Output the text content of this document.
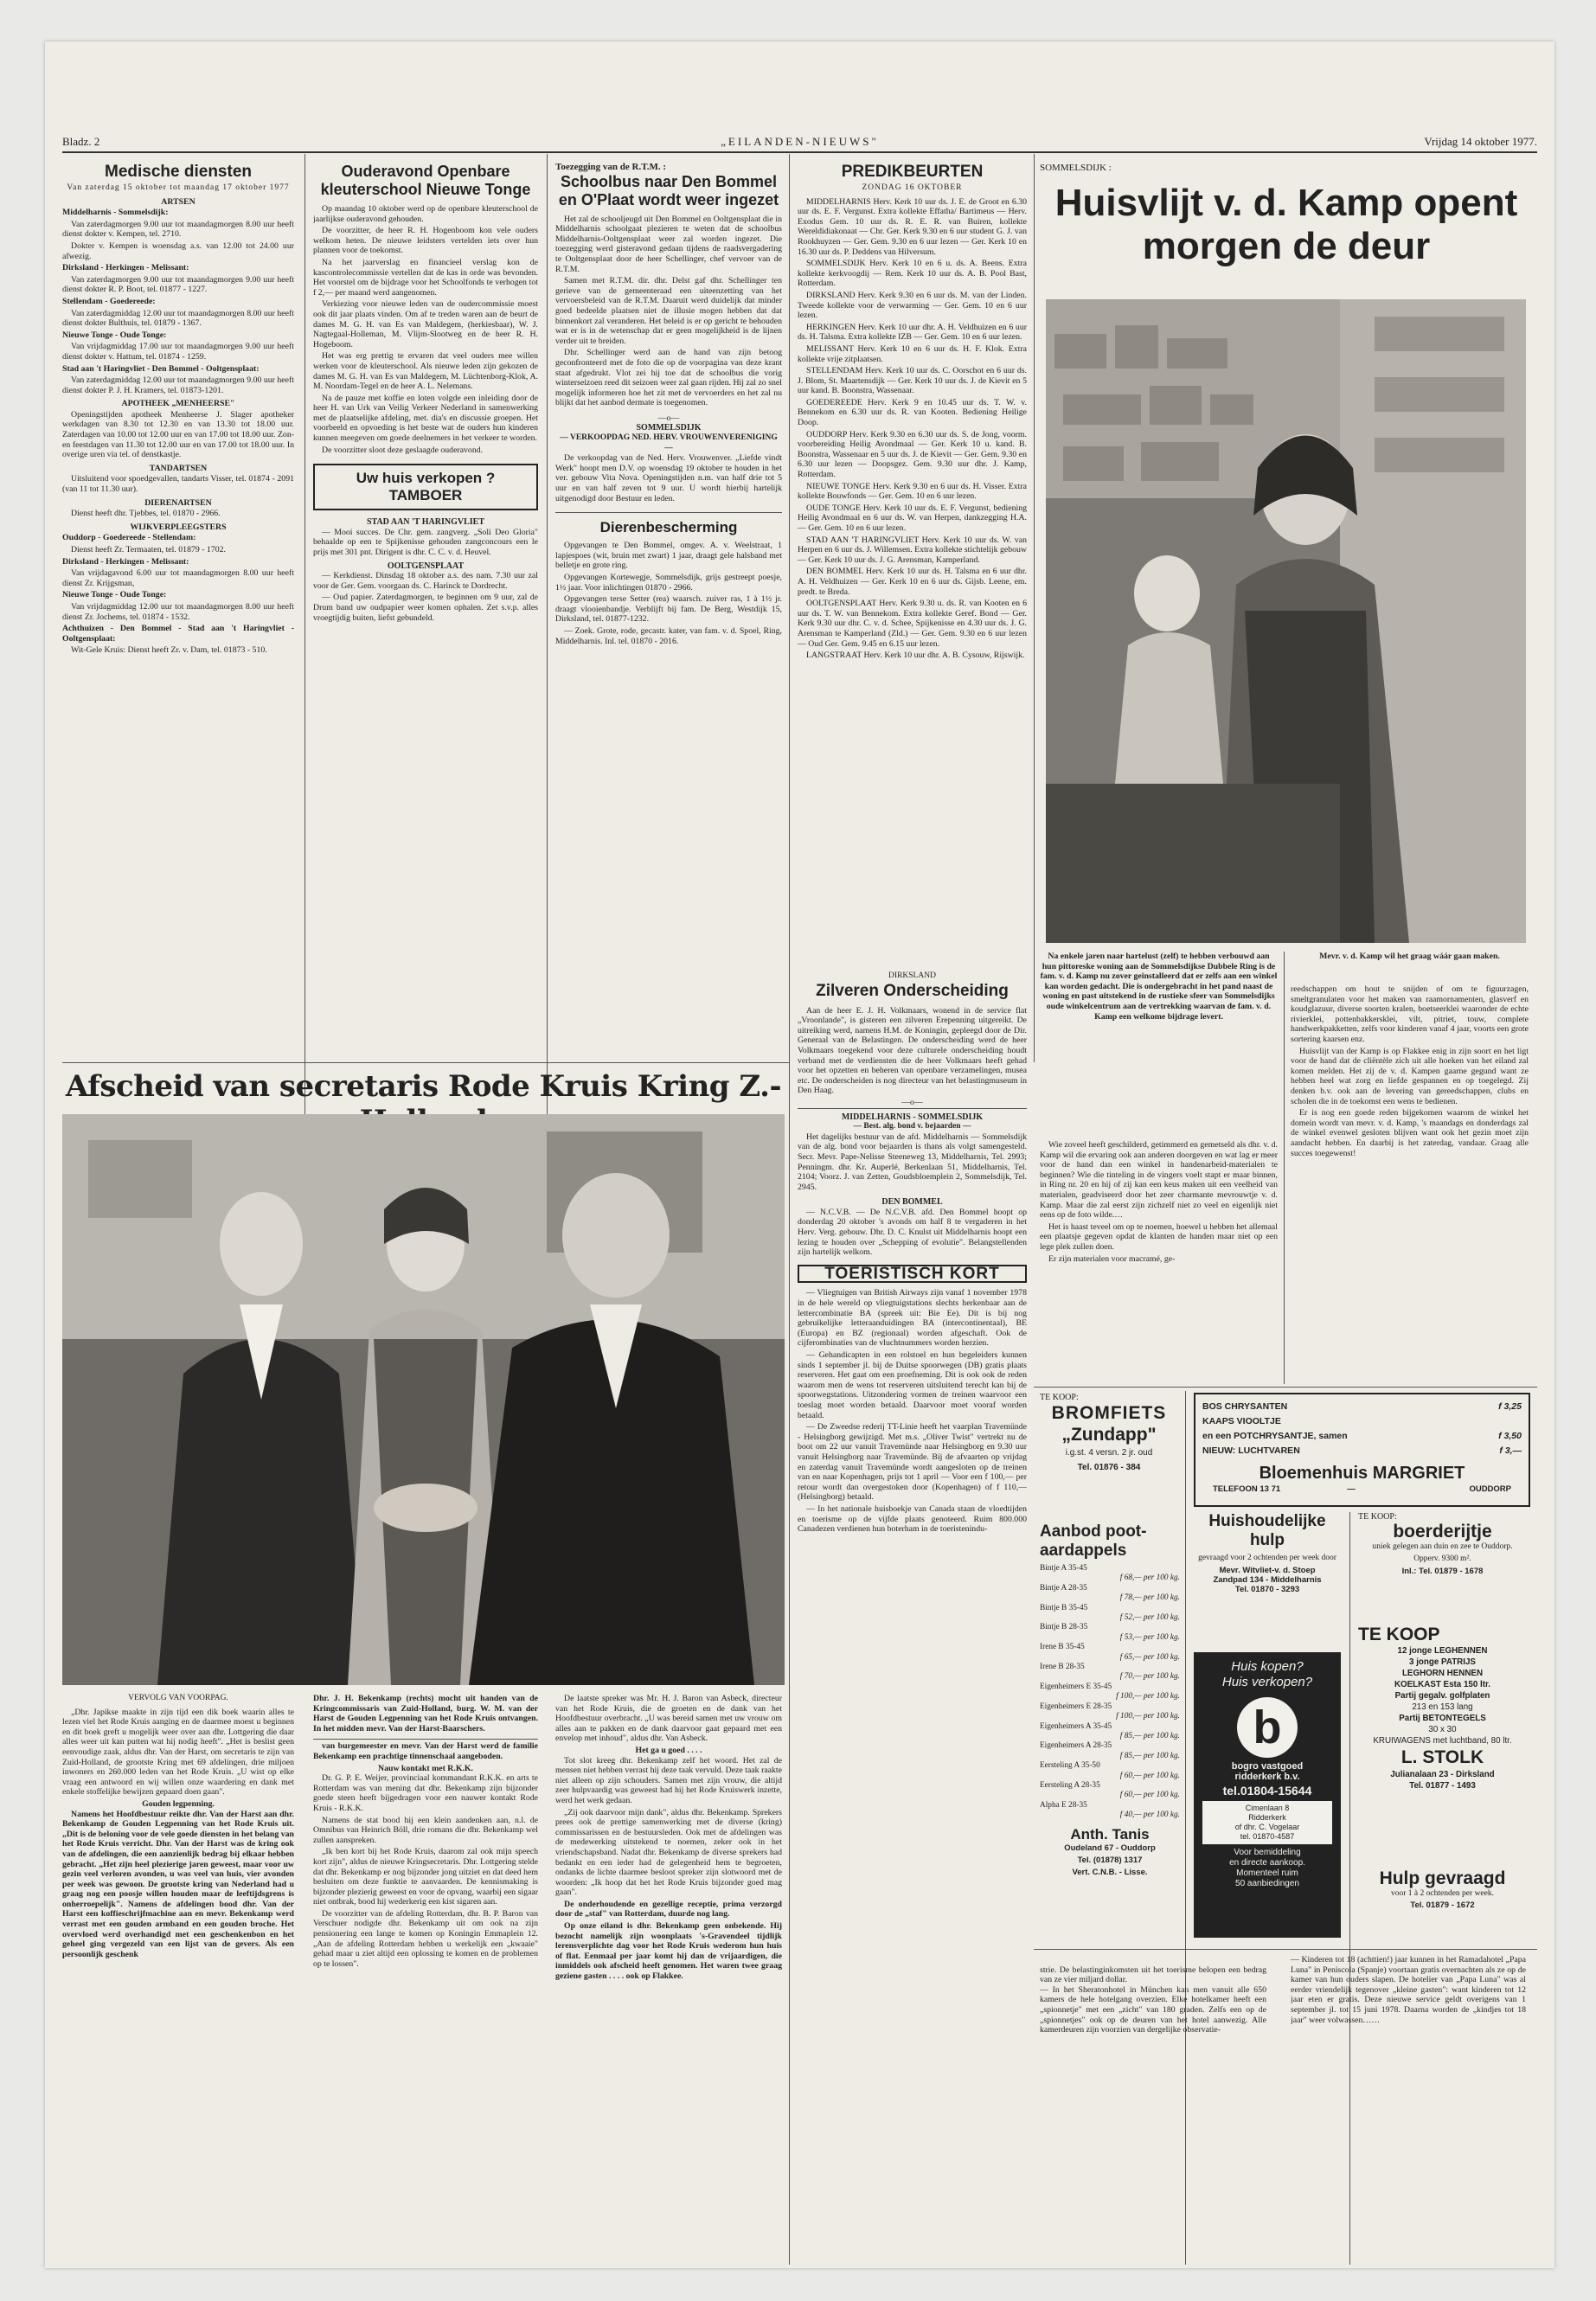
Bladz. 2	„EILANDEN-NIEUWS"	Vrijdag 14 oktober 1977.
Medische diensten
Van zaterdag 15 oktober tot maandag 17 oktober 1977
ARTSEN

Middelharnis - Sommelsdijk:

Van zaterdagmorgen 9.00 uur tot maandagmorgen 8.00 uur heeft dienst dokter v. Kempen, tel. 2710.

Dokter v. Kempen is woensdag a.s. van 12.00 tot 24.00 uur afwezig.

Dirksland - Herkingen - Melissant:

Van zaterdagmorgen 9.00 uur tot maandagmorgen 9.00 uur heeft dienst dokter R. P. Boot, tel. 01877 - 1227.

Stellendam - Goedereede:

Van zaterdagmiddag 12.00 uur tot maandagmorgen 8.00 uur heeft dienst dokter Bulthuis, tel. 01879 - 1367.

Nieuwe Tonge - Oude Tonge:

Van vrijdagmiddag 17.00 uur tot maandagmorgen 9.00 uur heeft dienst dokter v. Hattum, tel. 01874 - 1259.

Stad aan 't Haringvliet - Den Bommel - Ooltgensplaat:

Van zaterdagmiddag 12.00 uur tot maandagmorgen 9.00 uur heeft dienst dokter P. J. H. Kramers, tel. 01873-1201.

APOTHEEK „MENHEERSE"

Openingstijden apotheek Menheerse J. Slager apotheker werkdagen van 8.30 tot 12.30 en van 13.30 tot 18.00 uur. Zaterdagen van 10.00 tot 12.00 uur en van 17.00 tot 18.00 uur. Zon- en feestdagen van 11.30 tot 12.00 uur en van 17.00 tot 18.00 uur. In overige uren via tel. of denstkastje.

TANDARTSEN

Uitsluitend voor spoedgevallen, tandarts Visser, tel. 01874 - 2091 (van 11 tot 11.30 uur).

DIERENARTSEN

Dienst heeft dhr. Tjebbes, tel. 01870 - 2966.

WIJKVERPLEEGSTERS

Ouddorp - Goedereede - Stellendam:

Dienst heeft Zr. Termaaten, tel. 01879 - 1702.

Dirksland - Herkingen - Melissant:

Van vrijdagavond 6.00 uur tot maandagmorgen 8.00 uur heeft dienst Zr. Krijgsman,

Nieuwe Tonge - Oude Tonge:

Van vrijdagmiddag 12.00 uur tot maandagmorgen 8.00 uur heeft dienst Zr. Jochems, tel. 01874 - 1532.

Achthuizen - Den Bommel - Stad aan 't Haringvliet - Ooltgensplaat:

Wit-Gele Kruis: Dienst heeft Zr. v. Dam, tel. 01873 - 510.

Ouderavond Openbare kleuterschool Nieuwe Tonge

Op maandag 10 oktober werd op de openbare kleuterschool de jaarlijkse ouderavond gehouden.

De voorzitter, de heer R. H. Hogenboom kon vele ouders welkom heten. De nieuwe leidsters vertelden iets over hun plannen voor de toekomst.

Na het jaarverslag en financieel verslag kon de kascontrolecommissie vertellen dat de kas in orde was bevonden. Het voorstel om de bijdrage voor het Schoolfonds te verhogen tot f 2,— per maand werd aangenomen.

Verkiezing voor nieuwe leden van de oudercommissie moest ook dit jaar plaats vinden. Om af te treden waren aan de beurt de dames M. G. H. van Es van Maldegem, (herkiesbaar), W. J. Nagtegaal-Holleman, M. Vlijm-Slootweg en de heer R. H. Hogeboom.

Het was erg prettig te ervaren dat veel ouders mee willen werken voor de kleuterschool. Als nieuwe leden zijn gekozen de dames M. G. H. van Es van Maldegem, M. Lüchtenborg-Klok, A. M. Noordam-Tegel en de heer A. L. Nelemans.

Na de pauze met koffie en loten volgde een inleiding door de heer H. van Urk van Veilig Verkeer Nederland in samenwerking met de plaatselijke afdeling, met. dia's en discussie groepen. Het voorbeeld en opvoeding is het beste wat de ouders hun kinderen kunnen meegeven om goede deelnemers in het verkeer te worden.

De voorzitter sloot deze geslaagde ouderavond.

Uw huis verkopen ?
TAMBOER
STAD AAN 'T HARINGVLIET

— Mooi succes. De Chr. gem. zangverg. „Soli Deo Gloria" behaalde op een te Spijkenisse gehouden zangconcours een le prijs met 301 pnt. Dirigent is dhr. C. C. v. d. Heuvel.

OOLTGENSPLAAT

— Kerkdienst. Dinsdag 18 oktober a.s. des nam. 7.30 uur zal voor de Ger. Gem. voorgaan ds. C. Harinck te Dordrecht.

— Oud papier. Zaterdagmorgen, te beginnen om 9 uur, zal de Drum band uw oudpapier weer komen ophalen. Zet s.v.p. alles vroegtijdig buiten, liefst gebundeld.

Toezegging van de R.T.M. :
Schoolbus naar Den Bommel en O'Plaat wordt weer ingezet

Het zal de schooljeugd uit Den Bommel en Ooltgensplaat die in Middelharnis schoolgaat plezieren te weten dat de schoolbus Middelharnis-Ooltgensplaat weer zal worden ingezet. Die toezegging werd gisteravond gedaan tijdens de raadsvergadering te Ooltgensplaat door de heer Schellinger, chef vervoer van de R.T.M.

Samen met R.T.M. dir. dhr. Delst gaf dhr. Schellinger ten gerieve van de gemeenteraad een uiteenzetting van het vervoersbeleid van de R.T.M. Daaruit werd duidelijk dat minder goed bedeelde plaatsen niet de illusie mogen hebben dat dat binnenkort zal veranderen. Het beleid is er op gericht te behouden wat er is in de wetenschap dat er geen mogelijkheid is de lijnen verder uit te breiden.

Dhr. Schellinger werd aan de hand van zijn betoog geconfronteerd met de foto die op de voorpagina van deze krant staat afgedrukt. Vlot zei hij toe dat de schoolbus die vorig winterseizoen reed dit seizoen weer zal gaan rijden. Hij zal zo snel mogelijk informeren hoe het zit met de vervoerders en het zal nu blijkt dat het aanbod dermate is toegenomen.

—o—
SOMMELSDIJK
— VERKOOPDAG NED. HERV. VROUWENVERENIGING —

De verkoopdag van de Ned. Herv. Vrouwenver. „Liefde vindt Werk" hoopt men D.V. op woensdag 19 oktober te houden in het ver. gebouw Vita Nova. Openingstijden n.m. van half drie tot 5 uur en van half zeven tot 9 uur. U wordt hierbij hartelijk uitgenodigd door Bestuur en leden.

Dierenbescherming

Opgevangen te Den Bommel, omgev. A. v. Weelstraat, 1 lapjespoes (wit, bruin met zwart) 1 jaar, draagt gele halsband met belletje en grote ring.

Opgevangen Kortewegje, Sommelsdijk, grijs gestreept poesje, 1½ jaar. Voor inlichtingen 01870 - 2966.

Opgevangen terse Setter (rea) waarsch. zuiver ras, 1 à 1½ jr. draagt vlooienbandje. Verblijft bij fam. De Berg, Westdijk 15, Dirksland, tel. 01877-1232.

— Zoek. Grote, rode, gecastr. kater, van fam. v. d. Spoel, Ring, Middelharnis. Inl. tel. 01870 - 2016.

PREDIKBEURTEN
ZONDAG 16 OKTOBER

MIDDELHARNIS Herv. Kerk 10 uur ds. J. E. de Groot en 6.30 uur ds. E. F. Vergunst. Extra kollekte Effatha/ Bartimeus — Herv. Exodus Gem. 10 uur ds. R. E. R. van Buiren, kollekte Wereldidiakonaat — Chr. Ger. Kerk 9.30 en 6 uur student G. J. van Rookhuyzen — Ger. Gem. 9.30 en 6 uur lezen — Ger. Kerk 10 en 16.30 uur ds. P. Deddens van Hilversum.

SOMMELSDIJK Herv. Kerk 10 en 6 u. ds. A. Beens. Extra kollekte kerkvoogdij — Rem. Kerk 10 uur ds. A. B. Pool Bast, Rotterdam.

DIRKSLAND Herv. Kerk 9.30 en 6 uur ds. M. van der Linden. Tweede kollekte voor de verwarming — Ger. Gem. 10 en 6 uur lezen.

HERKINGEN Herv. Kerk 10 uur dhr. A. H. Veldhuizen en 6 uur ds. H. Talsma. Extra kollekte IZB — Ger. Gem. 10 en 6 uur lezen.

MELISSANT Herv. Kerk 10 en 6 uur ds. H. F. Klok. Extra kollekte vrije zitplaatsen.

STELLENDAM Herv. Kerk 10 uur ds. C. Oorschot en 6 uur ds. J. Blom, St. Maartensdijk — Ger. Kerk 10 uur ds. J. de Kievit en 5 uur kand. B. Boonstra, Wassenaar.

GOEDEREEDE Herv. Kerk 9 en 10.45 uur ds. T. W. v. Bennekom en 6.30 uur ds. R. van Kooten. Bediening Heilige Doop.

OUDDORP Herv. Kerk 9.30 en 6.30 uur ds. S. de Jong, voorm. voorbereiding Heilig Avondmaal — Ger. Kerk 10 u. kand. B. Boonstra, Wassenaar en 5 uur ds. J. de Kievit — Ger. Gem. 9.30 en 6.30 uur lezen — Doopsgez. Gem. 9.30 uur dhr. J. Kamp, Rotterdam.

NIEUWE TONGE Herv. Kerk 9.30 en 6 uur ds. H. Visser. Extra kollekte Bouwfonds — Ger. Gem. 10 en 6 uur lezen.

OUDE TONGE Herv. Kerk 10 uur ds. E. F. Vergunst, bediening Heilig Avondmaal en 6 uur ds. W. van Herpen, dankzegging H.A. — Ger. Gem. 10 en 6 uur lezen.

STAD AAN 'T HARINGVLIET Herv. Kerk 10 uur ds. W. van Herpen en 6 uur ds. J. Willemsen. Extra kollekte stichtelijk gebouw — Ger. Kerk 10 uur ds. J. G. Arensman, Kamperland.

DEN BOMMEL Herv. Kerk 10 uur ds. H. Talsma en 6 uur dhr. A. H. Veldhuizen — Ger. Kerk 10 en 6 uur ds. Gijsb. Leene, em. predt. te Breda.

OOLTGENSPLAAT Herv. Kerk 9.30 u. ds. R. van Kooten en 6 uur ds. T. W. van Bennekom. Extra kollekte Geref. Bond — Ger. Kerk 9.30 uur dhr. C. v. d. Schee, Spijkenisse en 4.30 uur ds. J. G. Arensman te Kamperland (Zld.) — Ger. Gem. 9.30 en 6 uur lezen — Oud Ger. Gem. 9.45 en 6.15 uur lezen.

LANGSTRAAT Herv. Kerk 10 uur dhr. A. B. Cysouw, Rijswijk.

DIRKSLAND
Zilveren Onderscheiding

Aan de heer E. J. H. Volkmaars, wonend in de service flat „Vroonlande", is gisteren een zilveren Erepenning uitgereikt. De uitreiking werd, namens H.M. de Koningin, gepleegd door de Dir. Generaal van de Belastingen. De onderscheiding werd de heer Volkmaars toegekend voor deze culturele onderscheiding houdt verband met de verdiensten die de heer Volkmaars heeft gehad voor het opzetten en beheren van openbare verzamelingen, musea etc. De onderscheiden is nog directeur van het belastingmuseum in Den Haag.

—o—
MIDDELHARNIS - SOMMELSDIJK
— Best. alg. bond v. bejaarden —

Het dagelijks bestuur van de afd. Middelharnis — Sommelsdijk van de alg. bond voor bejaarden is thans als volgt samengesteld. Secr. Mevr. Pape-Nelisse Steeneweg 13, Middelharnis, Tel. 2993; Penningm. dhr. Kr. Auperlé, Berkenlaan 51, Middelharnis, Tel. 2104; Voorz. J. van Zetten, Goudsbloemplein 2, Sommelsdijk, Tel. 2945.

DEN BOMMEL

— N.C.V.B. — De N.C.V.B. afd. Den Bommel hoopt op donderdag 20 oktober 's avonds om half 8 te vergaderen in het Herv. Verg. gebouw. Dhr. D. C. Knulst uit Middelharnis hoopt een lezing te houden over „Schepping of evolutie". Belangstellenden zijn hartelijk welkom.

TOERISTISCH KORT

— Vliegtuigen van British Airways zijn vanaf 1 november 1978 in de hele wereld op vliegtuigstations slechts herkenbaar aan de lettercombinatie BA (spreek uit: Bie Ee). Dit is bij nog gebruikelijke letteraanduidingen BA (intercontinentaal), BE (Europa) en BZ (regionaal) worden afgeschaft. Ook de cijferombinaties van de vluchtnummers worden herzien.

— Gehandicapten in een rolstoel en hun begeleiders kunnen sinds 1 september jl. bij de Duitse spoorwegen (DB) gratis plaats reserveren. Het gaat om een proefneming. Dit is ook ook de reden waarom men de wens tot reserveren uitsluitend terecht kan bij de spoorwegstations. Uitzondering vormen de treinen waarvoor een toeslag moet worden betaald. Daarvoor moet vooraf worden betaald.

— De Zweedse rederij TT-Linie heeft het vaarplan Travemünde - Helsingborg gewijzigd. Met m.s. „Oliver Twist" vertrekt nu de boot om 22 uur vanuit Travemünde naar Helsingborg en 9.30 uur vanuit Helsingborg naar Travemünde. Bij de afvaarten op vrijdag en zaterdag vanuit Travemünde wordt aangesloten op de treinen van en naar Kopenhagen, prijs tot 1 april — Voor een f 100,— per retour wordt dan overgestoken door (Kopenhagen) of f 110,— (Helsingborg) betaald.

— In het nationale huisboekje van Canada staan de vloedtijden en toerisme op de vijfde plaats genoteerd. Ruim 800.000 Canadezen verdienen hun boterham in de toeristenindu-

Afscheid van secretaris Rode Kruis Kring Z.-
VERVOLG VAN VOORPAG.

„Dhr. Japikse maakte in zijn tijd een dik boek waarin alles te lezen viel het Rode Kruis aanging en de daarmee moest u beginnen en dit boek greft u mogelijk weer over aan dhr. Lottgering die daar alles weer uit kan putten wat hij nodig heeft". „Het is beslist geen eenvoudige zaak, aldus dhr. Van der Harst, om secretaris te zijn van Zuid-Holland, de grootste Kring met 69 afdelingen, drie miljoen inwoners en 260.000 leden van het Rode Kruis. „U wist op elke vraag een antwoord en wij willen onze waardering en dank met enkele stoffelijke bewijzen gepaard doen gaan".

Gouden legpenning.

Namens het Hoofdbestuur reikte dhr. Van der Harst aan dhr. Bekenkamp de Gouden Legpenning van het Rode Kruis uit. „Dit is de beloning voor de vele goede diensten in het belang van het Rode Kruis verricht. Dhr. Van der Harst was de kring ook van de afdelingen, die een aanzienlijk bedrag bij elkaar hebben gebracht. „Het zijn heel plezierige jaren geweest, maar voor uw gezin veel verloren avonden, u was veel van huis, vier avonden per week was gewoon. De grootste kring van Nederland had u graag nog een poosje willen houden maar de leeftijdsgrens is onherroepelijk". Namens de afdelingen bood dhr. Van der Harst een koffieschrijfmachine aan en mevr. Bekenkamp werd verrast met een gouden armband en een gouden broche. Het overvloed werd overhandigd met een geschenkenbon en het geheel ging vergezeld van een lijst van de gevers. Als een persoonlijk geschenk

Dhr. J. H. Bekenkamp (rechts) mocht uit handen van de Kringcommissaris van Zuid-Holland, burg. W. M. van der Harst de Gouden Legpenning van het Rode Kruis ontvangen. In het midden mevr. Van der Harst-Baarschers.

van burgemeester en mevr. Van der Harst werd de familie Bekenkamp een prachtige tinnenschaal aangeboden.

Nauw kontakt met R.K.K.

Dr. G. P. E. Weijer, provinciaal kommandant R.K.K. en arts te Rotterdam was van mening dat dhr. Bekenkamp zijn bijzonder goede steen heeft bijgedragen voor een nauwer kontakt Rode Kruis - R.K.K.

Namens de stat bood hij een klein aandenken aan, n.l. de Omnibus van Heinrich Böll, drie romans die dhr. Bekenkamp wel zullen aanspreken.

„Ik ben kort bij het Rode Kruis, daarom zal ook mijn speech kort zijn", aldus de nieuwe Kringsecretaris. Dhr. Lottgering stelde dat dhr. Bekenkamp er nog bijzonder jong uitziet en dat deed hem besluiten om deze funktie te aanvaarden. De kennismaking is bijzonder plezierig geweest en voor de opvang, waarbij een sigaar niet ontbrak, bood hij wederkerig een kist sigaren aan.

De voorzitter van de afdeling Rotterdam, dhr. B. P. Baron van Verschuer nodigde dhr. Bekenkamp uit om ook na zijn pensionering een lange te komen op Koningin Emmaplein 12. „Aan de afdeling Rotterdam hebben u werkelijk een „kwaaie" gehad maar u ziet altijd een oplossing te komen en de problemen op te lossen".

De laatste spreker was Mr. H. J. Baron van Asbeck, directeur van het Rode Kruis, die de groeten en de dank van het Hoofdbestuur overbracht. „U was bereid samen met uw vrouw om alles aan te pakken en de dank daarvoor gaat gepaard met een envelop met inhoud", aldus dhr. Van Asbeck.

Het ga u goed . . . .

Tot slot kreeg dhr. Bekenkamp zelf het woord. Het zal de mensen niet hebben verrast hij deze taak vervuld. Deze taak raakte niet alleen op zijn schouders. Samen met zijn vrouw, die altijd zeer hulpvaardig was geweest had hij het Rode Kruiswerk inzette, werd het werk gedaan.

„Zij ook daarvoor mijn dank", aldus dhr. Bekenkamp. Sprekers prees ook de prettige samenwerking met de diverse (kring) commissarissen en de bestuursleden. Ook met de afdelingen was de medewerking uitstekend te noemen, zeker ook in het vriendschapsband. Nadat dhr. Bekenkamp de diverse sprekers had bedankt en een ieder had de gelegenheid hem te begroeten, ondanks de lichte daarmee besloot spreker zijn slotwoord met de woorden: „Ik hoop dat het het Rode Kruis bijzonder goed mag gaan".

De onderhoudende en gezellige receptie, prima verzorgd door de „staf" van Rotterdam, duurde nog lang.

Op onze eiland is dhr. Bekenkamp geen onbekende. Hij bezocht namelijk zijn woonplaats 's-Gravendeel tijdlijk lerensverplichte dag voor het Rode Kruis wederom hun huis of flat. Eenmaal per jaar komt hij dan de vrijaardigen, die inmiddels ook afscheid heeft genomen. Het waren twee graag geziene gasten . . . . ook op Flakkee.

SOMMELSDIJK :
Huisvlijt v. d. Kamp opent morgen de deur

Na enkele jaren naar hartelust (zelf) te hebben verbouwd aan hun pittoreske woning aan de Sommelsdijkse Dubbele Ring is de fam. v. d. Kamp nu zover geinstalleerd dat er zelfs aan een winkel kan worden gedacht. Die is ondergebracht in het pand naast de woning en past uitstekend in de rustieke sfeer van Sommelsdijks oude winkelcentrum aan de vertrekking waarvan de fam. v. d. Kamp een welkome bijdrage levert.

Mevr. v. d. Kamp wil het graag wáár gaan maken.

Wie zoveel heeft geschilderd, getimmerd en gemetseld als dhr. v. d. Kamp wil die ervaring ook aan anderen doorgeven en wat lag er meer voor de hand dan een winkel in handenarbeid-materialen te beginnen? Wie die tinteling in de vingers voelt stapt er maar binnen, in Ring nr. 20 en hij of zij kan een keus maken uit een veelheid van materialen, geadviseerd door het zeer charmante mevrouwtje v. d. Kamp. Maar die zal eerst zijn zichzelf niet zo veel en eigenlijk niet eens op de foto wilde.…

Het is haast teveel om op te noemen, hoewel u hebben het allemaal een plaatsje gegeven opdat de klanten de handen maar niet op een lege plek zullen doen.

Er zijn materialen voor macramé, ge-

reedschappen om hout te snijden of om te figuurzagen, smeltgranulaten voor het maken van raamornamenten, glasverf en koudglazuur, diverse soorten kralen, boetseerklei waaronder de echte rivierklei, pottenbakkersklei, vilt, pitriet, touw, complete handwerkpakketten, zelfs voor kinderen vanaf 4 jaar, voorts een grote sortering kaarsen enz.

Huisvlijt van der Kamp is op Flakkee enig in zijn soort en het ligt voor de hand dat de cliëntèle zich uit alle hoeken van het eiland zal komen melden. Het zij de v. d. Kampen gaarne gegund want ze hebben heel wat zorg en liefde gespannen en op toegelegd. Zij denken b.v. ook aan de levering van gereedschappen, clubs en scholen die in de toekomst een wens te bedienen.

Er is nog een goede reden bijgekomen waarom de winkel het domein wordt van mevr. v. d. Kamp, 's maandags en donderdags zal de winkel evenwel gesloten blijven want ook het gezin moet zijn aandacht hebben. En daarbij is het zaterdag, vandaar. Graag alle succes toegewenst!

TE KOOP:
BROMFIETS
„Zundapp"
i.g.st. 4 versn. 2 jr. oud
Tel. 01876 - 384
BOS CHRYSANTEN	f 3,25
KAAPS VIOOLTJE
en een POTCHRYSANTJE, samen	f 3,50
NIEUW: LUCHTVAREN	f 3,—
Bloemenhuis MARGRIET
TELEFOON 13 71	—	OUDDORP
Aanbod poot-aardappels
Bintje A 35-45
f 68,— per 100 kg.
Bintje A 28-35
f 78,— per 100 kg.
Bintje B 35-45
f 52,— per 100 kg.
Bintje B 28-35
f 53,— per 100 kg.
Irene B 35-45
f 65,— per 100 kg.
Irene B 28-35
f 70,— per 100 kg.
Eigenheimers E 35-45
f 100,— per 100 kg.
Eigenheimers E 28-35
f 100,— per 100 kg.
Eigenheimers A 35-45
f 85,— per 100 kg.
Eigenheimers A 28-35
f 85,— per 100 kg.
Eersteling A 35-50
f 60,— per 100 kg.
Eersteling A 28-35
f 60,— per 100 kg.
Alpha E 28-35
f 40,— per 100 kg.
Anth. Tanis
Oudeland 67 - Ouddorp
Tel. (01878) 1317
Vert. C.N.B. - Lisse.
Huishoudelijke hulp
gevraagd voor 2 ochtenden per week door
Mevr. Witvliet-v. d. Stoep
Zandpad 134 - Middelharnis
Tel. 01870 - 3293
TE KOOP:
boerderijtje
uniek gelegen aan duin en zee te Ouddorp.
Opperv. 9300 m².
Inl.: Tel. 01879 - 1678
Huis kopen?
Huis verkopen?
b
bogro vastgoed
ridderkerk b.v.
tel.01804-15644
Cimenlaan 8
Ridderkerk
of dhr. C. Vogelaar
tel. 01870-4587
Voor bemiddeling
en directe aankoop.
Momenteel ruim
50 aanbiedingen
TE KOOP
12 jonge LEGHENNEN
3 jonge PATRIJS
LEGHORN HENNEN
KOELKAST Esta 150 ltr.
Partij gegalv. golfplaten
213 en 153 lang
Partij BETONTEGELS
30 x 30
KRUIWAGENS met luchtband, 80 ltr.
L. STOLK
Julianalaan 23 - Dirksland
Tel. 01877 - 1493
Hulp gevraagd
voor 1 à 2 ochtenden per week.
Tel. 01879 - 1672

strie. De belastinginkomsten uit het toerisme belopen een bedrag van ze vier miljard dollar.
— In het Sheratonhotel in München kan men vanuit alle 650 kamers de hele hotelgang overzien. Elke hotelkamer heeft een „spionnetje" met een „zicht" van 180 graden. Zelfs een op de „spionnetjes" ook op de deuren van het hotel aanwezig. Alle kamerdeuren zijn voorzien van dergelijke observatie-

— Kinderen tot 18 (achttien!) jaar kunnen in het Ramadahotel „Papa Luna" in Peniscola (Spanje) voortaan gratis overnachten als ze op de kamer van hun ouders slapen. De hotelier van „Papa Luna" was al eerder vriendelijk tegenover „kleine gasten": want kinderen tot 12 jaar eten er gratis. Deze nieuwe service geldt overigens van 1 september jl. tot 15 juni 1978. Daarna worden de „kindjes tot 18 jaar" weer volwassen……
